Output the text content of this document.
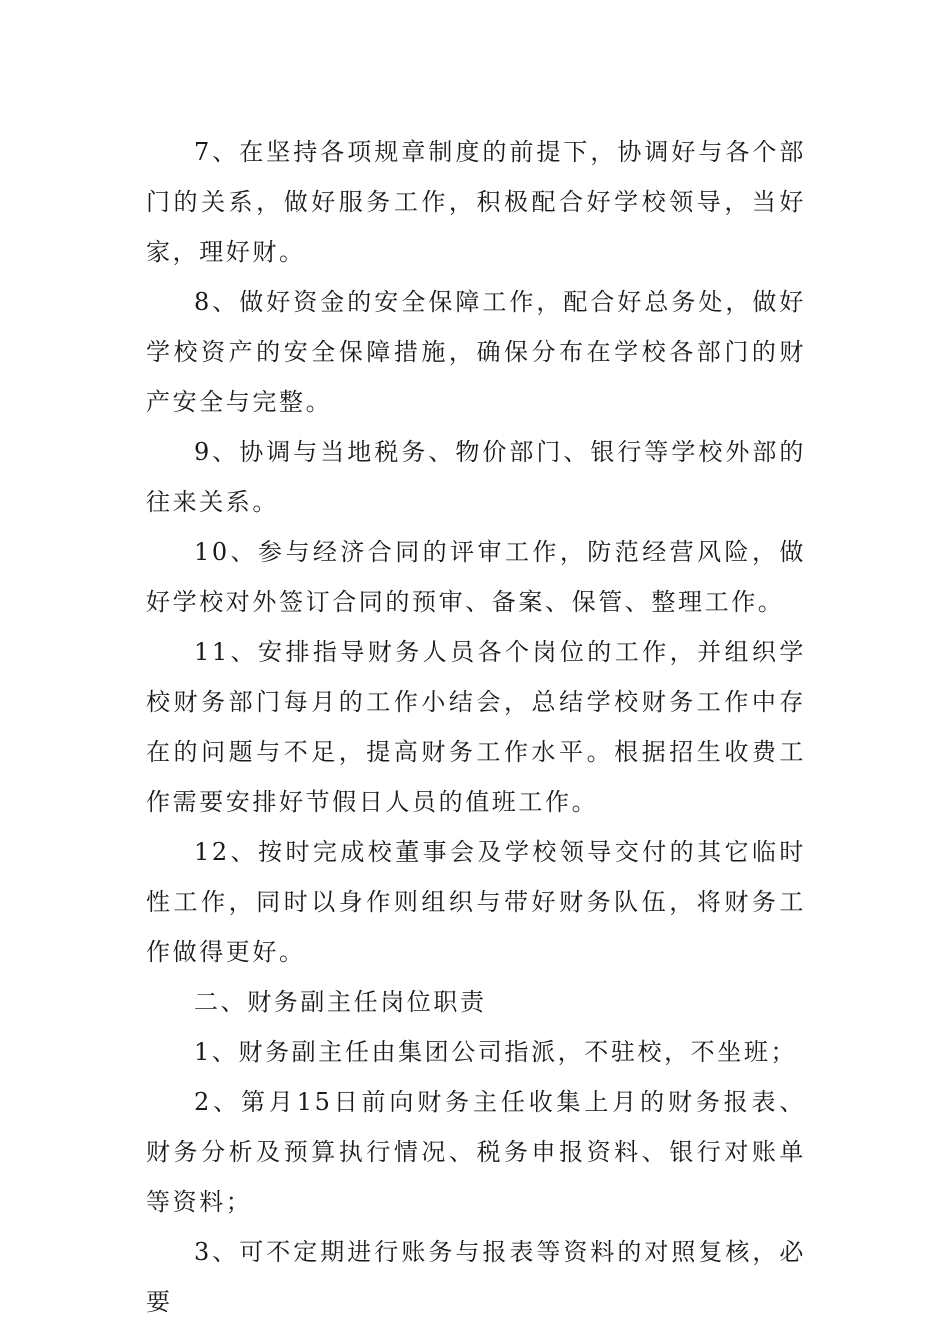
7、在坚持各项规章制度的前提下，协调好与各个部门的关系，做好服务工作，积极配合好学校领导，当好家，理好财。

8、做好资金的安全保障工作，配合好总务处，做好学校资产的安全保障措施，确保分布在学校各部门的财产安全与完整。

9、协调与当地税务、物价部门、银行等学校外部的往来关系。

10、参与经济合同的评审工作，防范经营风险，做好学校对外签订合同的预审、备案、保管、整理工作。

11、安排指导财务人员各个岗位的工作，并组织学校财务部门每月的工作小结会，总结学校财务工作中存在的问题与不足，提高财务工作水平。根据招生收费工作需要安排好节假日人员的值班工作。

12、按时完成校董事会及学校领导交付的其它临时性工作，同时以身作则组织与带好财务队伍，将财务工作做得更好。

二、财务副主任岗位职责

1、财务副主任由集团公司指派，不驻校，不坐班；

2、第月15日前向财务主任收集上月的财务报表、财务分析及预算执行情况、税务申报资料、银行对账单等资料；

3、可不定期进行账务与报表等资料的对照复核，必要
